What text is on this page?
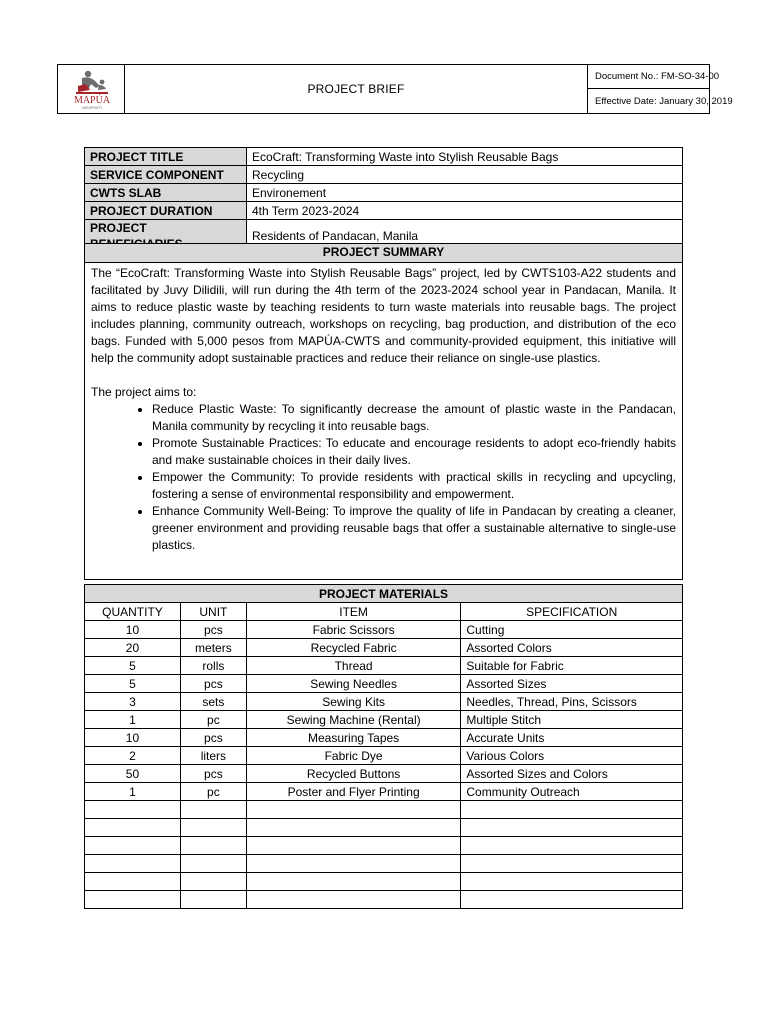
MAPÚA
UNIVERSITY
PROJECT BRIEF
Document No.: FM-SO-34-00
Effective Date: January 30, 2019
PROJECT TITLE	EcoCraft: Transforming Waste into Stylish Reusable Bags
SERVICE COMPONENT	Recycling
CWTS SLAB	Environement
PROJECT DURATION	4th Term 2023-2024
PROJECT	Residents of Pandacan, Manila
PROJECT SUMMARY

The “EcoCraft: Transforming Waste into Stylish Reusable Bags” project, led by CWTS103-A22 students and facilitated by Juvy Dilidili, will run during the 4th term of the 2023-2024 school year in Pandacan, Manila. It aims to reduce plastic waste by teaching residents to turn waste materials into reusable bags. The project includes planning, community outreach, workshops on recycling, bag production, and distribution of the eco bags. Funded with 5,000 pesos from MAPÚA-CWTS and community-provided equipment, this initiative will help the community adopt sustainable practices and reduce their reliance on single-use plastics.

The project aims to:

• Reduce Plastic Waste: To significantly decrease the amount of plastic waste in the Pandacan, Manila community by recycling it into reusable bags.
• Promote Sustainable Practices: To educate and encourage residents to adopt eco-friendly habits and make sustainable choices in their daily lives.
• Empower the Community: To provide residents with practical skills in recycling and upcycling, fostering a sense of environmental responsibility and empowerment.
• Enhance Community Well-Being: To improve the quality of life in Pandacan by creating a cleaner, greener environment and providing reusable bags that offer a sustainable alternative to single-use plastics.
PROJECT MATERIALS			
QUANTITY	UNIT	ITEM	SPECIFICATION
10	pcs	Fabric Scissors	Cutting
20	meters	Recycled Fabric	Assorted Colors
5	rolls	Thread	Suitable for Fabric
5	pcs	Sewing Needles	Assorted Sizes
3	sets	Sewing Kits	Needles, Thread, Pins, Scissors
1	pc	Sewing Machine (Rental)	Multiple Stitch
10	pcs	Measuring Tapes	Accurate Units
2	liters	Fabric Dye	Various Colors
50	pcs	Recycled Buttons	Assorted Sizes and Colors
1	pc	Poster and Flyer Printing	Community Outreach
